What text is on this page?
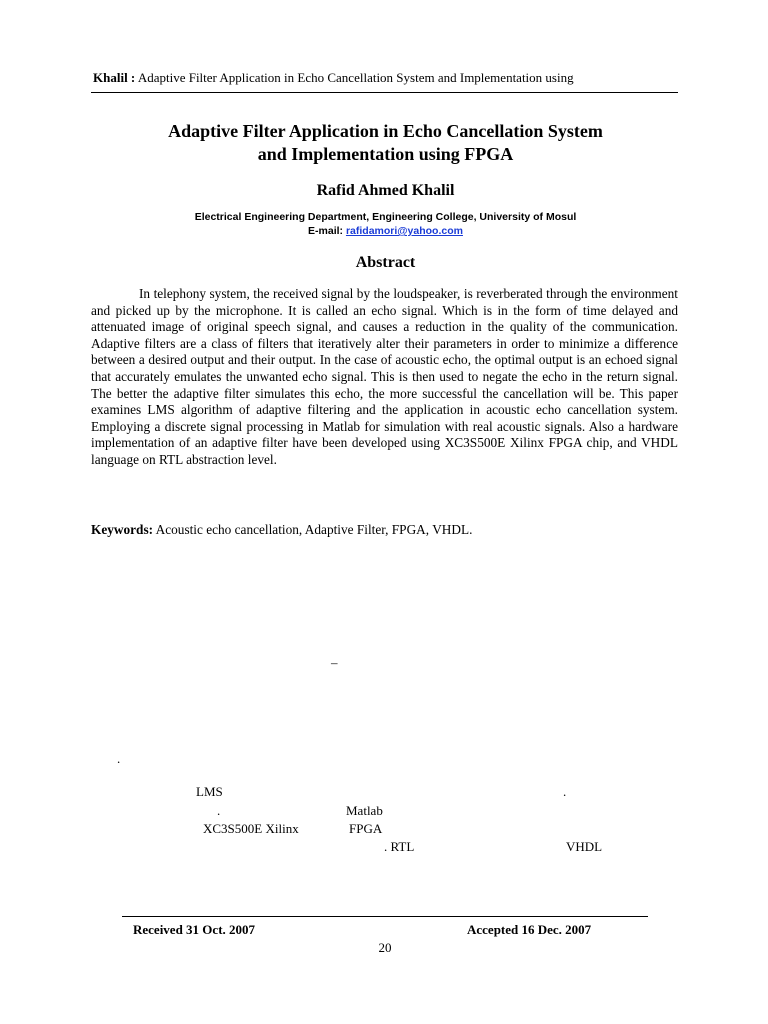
Khalil : Adaptive Filter Application in Echo Cancellation System and Implementation using
Adaptive Filter Application in Echo Cancellation System
and Implementation using FPGA
Rafid Ahmed Khalil
Electrical Engineering Department, Engineering College, University of Mosul
E-mail: rafidamori@yahoo.com
Abstract

In telephony system, the received signal by the loudspeaker, is reverberated through the environment and picked up by the microphone. It is called an echo signal. Which is in the form of time delayed and attenuated image of original speech signal, and causes a reduction in the quality of the communication. Adaptive filters are a class of filters that iteratively alter their parameters in order to minimize a difference between a desired output and their output. In the case of acoustic echo, the optimal output is an echoed signal that accurately emulates the unwanted echo signal. This is then used to negate the echo in the return signal. The better the adaptive filter simulates this echo, the more successful the cancellation will be. This paper examines LMS algorithm of adaptive filtering and the application in acoustic echo cancellation system. Employing a discrete signal processing in Matlab for simulation with real acoustic signals. Also a hardware implementation of an adaptive filter have been developed using XC3S500E Xilinx FPGA chip, and VHDL language on RTL abstraction level.

Keywords: Acoustic echo cancellation, Adaptive Filter, FPGA, VHDL.
–
.
LMS	.
.	Matlab
XC3S500E Xilinx	FPGA
. RTL	VHDL
Received 31 Oct. 2007	Accepted 16 Dec. 2007
20
